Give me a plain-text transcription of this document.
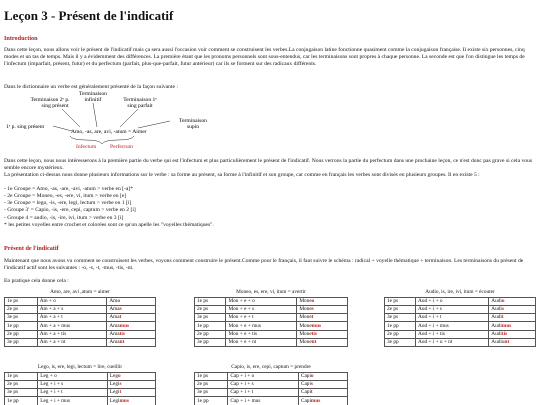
Leçon 3 - Présent de l'indicatif
Introduction

Dans cette leçon, nous allons voir le présent de l'indicatif mais ça sera aussi l'occasion voir comment se construisent les verbes.La conjugaison latine fonctionne quasiment comme la conjugaison française. Il existe six personnes, cinq modes et un tas de temps. Mais il y a évidemment des différences. La première étant que les pronoms personnels sont sous-entendus, car les terminaisons sont propres à chaque personne. La seconde est que l'on distingue les temps de l'infectum (imparfait, présent, futur) et du perfectum (parfait, plus-que-parfait, futur antérieur) car ils se forment sur des radicaux différents.

Dans le dictionnaire un verbe est généralement présenté de la façon suivante :

Terminaison
infinitif
Terminaison 2ᵉ p.
sing présent
Terminaison 1ᵉ
sing parfait
1ᵉ p. sing présent
Terminaison
supin
Amo, -as, are, avi, -atum = Aimer
Infectum Perfectum

Dans cette leçon, nous nous intéresserons à la première partie du verbe qui est l'infectum et plus particulièrement le présent de l'indicatif. Nous verrons la partie du perfectum dans une prochaine leçon, ce n'est donc pas grave si cela vous semble encore mystérieux.

La présentation ci-dessus nous donne plusieurs informations sur le verbe : sa forme au présent, sa forme à l'infinitif et son groupe, car comme en français les verbes sont divisés en plusieurs groupes. Il en existe 5 :

- 1e Groupe = Amo, -as, -are, -avi, -atum > verbe en [-a]*
- 2e Groupe = Moneo, -es, -ere, vi, itum > verbe en [e]
- 3e Groupe = lego, -is, -ere, legi, lectum > verbe en 1 [i]
- Groupe 3' = Capio, -is, -ere, cepi, captum > verbe en 2 [i]
- Groupe 4 = audio, -is, -ire, ivi, itum > verbe en 3 [i]
* les petites voyelles entre crochet et colorées sont ce qu'on apelle les "voyelles thématiques".
Présent de l'indicatif

Maintenant que nous avons vu comment se construisent les verbes, voyons comment construire le présent.Comme pour le français, il faut suivre le schéma : radical + voyelle thématique + terminaison. Les terminaisons du présent de l'indicatif actif sont les suivantes : -o, -s, -t, -mus, -tis, -nt.

En pratique cela donne cela :

Amo, are, avi ,atum = aimer
1e ps	Am + o	Amo
2e ps	Am + a + s	Amas
3e ps	Am + a + t	Amat
1e pp	Am + a + mus	Amamus
2e pp	Am + a + tis	Amatis
3e pp	Am + a + nt	Amant
Moneo, es, ere, vi, itum = avertir
1e ps	Mon + e + o	Moneo
2e ps	Mon + e + s	Mones
3e ps	Mon + e + t	Monet
1e pp	Mon + e + mus	Monemus
2e pp	Mon + e + tis	Monetis
3e pp	Mon + e + nt	Monent
Audio, is, ire, ivi, itum = écouter
1e ps	Aud + i + o	Audio
2e ps	Aud + i + s	Audis
3e ps	Aud + i + t	Audit
1e pp	Aud + i + mus	Audimus
2e pp	Aud + i + tis	Auditis
3e pp	Aud + i + u + nt	Audiunt
Lego, is, ere, legi, lectum = lire, cueillir
1e ps	Leg + o	Lego
2e ps	Leg + i + s	Legis
3e ps	Leg + i + t	Legit
1e pp	Leg + i + mus	Legimus
Capio, is, ere, cepi, captum = prendre
1e ps	Cap + i + o	Capio
2e ps	Cap + i + s	Capis
3e ps	Cap + i + t	Capit
1e pp	Cap + i + mus	Capimus
